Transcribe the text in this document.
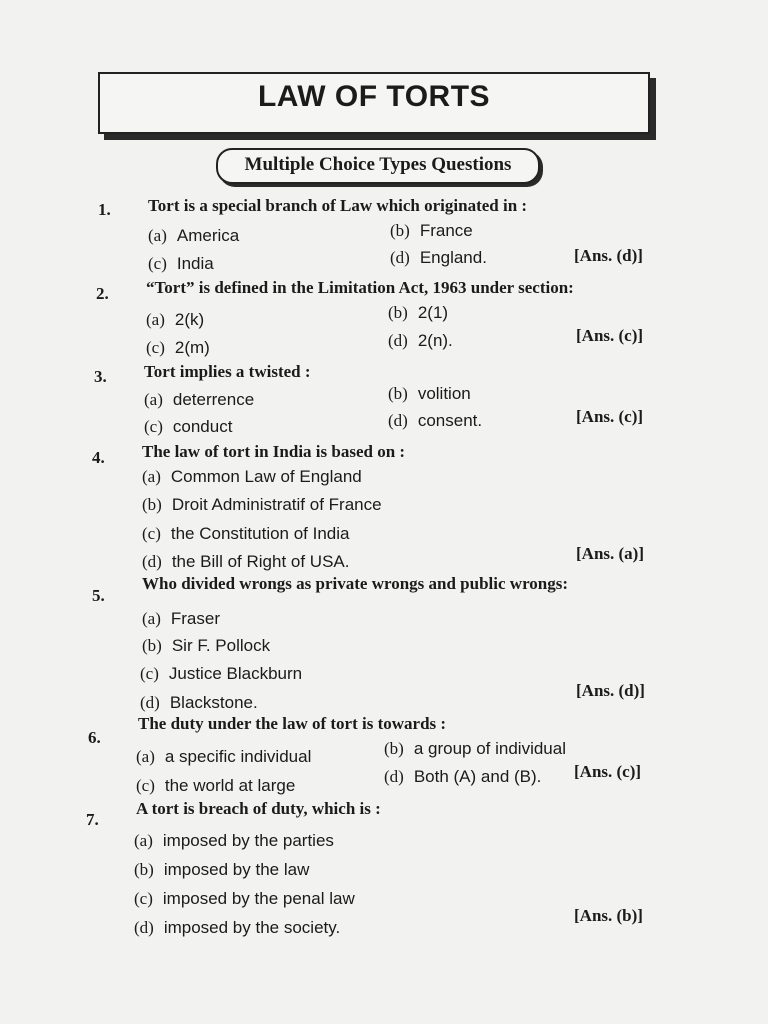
LAW OF TORTS
Multiple Choice Types Questions
1. Tort is a special branch of Law which originated in :
(a) America	(b) France
(c) India	(d) England.	[Ans. (d)]
2. “Tort” is defined in the Limitation Act, 1963 under section:
(a) 2(k)	(b) 2(1)
(c) 2(m)	(d) 2(n).	[Ans. (c)]
3. Tort implies a twisted :
(a) deterrence	(b) volition
(c) conduct	(d) consent.	[Ans. (c)]
4. The law of tort in India is based on :
(a) Common Law of England
(b) Droit Administratif of France
(c) the Constitution of India
(d) the Bill of Right of USA.	[Ans. (a)]
5.
Who divided wrongs as private wrongs and public wrongs:
(a) Fraser
(b) Sir F. Pollock
(c) Justice Blackburn
(d) Blackstone.
[Ans. (d)]
6.
The duty under the law of tort is towards :
(a) a specific individual	(b) a group of individual
(c) the world at large	(d) Both (A) and (B). [Ans. (c)]
7.
A tort is breach of duty, which is :
(a) imposed by the parties
(b) imposed by the law
(c) imposed by the penal law
(d) imposed by the society.
[Ans. (b)]
